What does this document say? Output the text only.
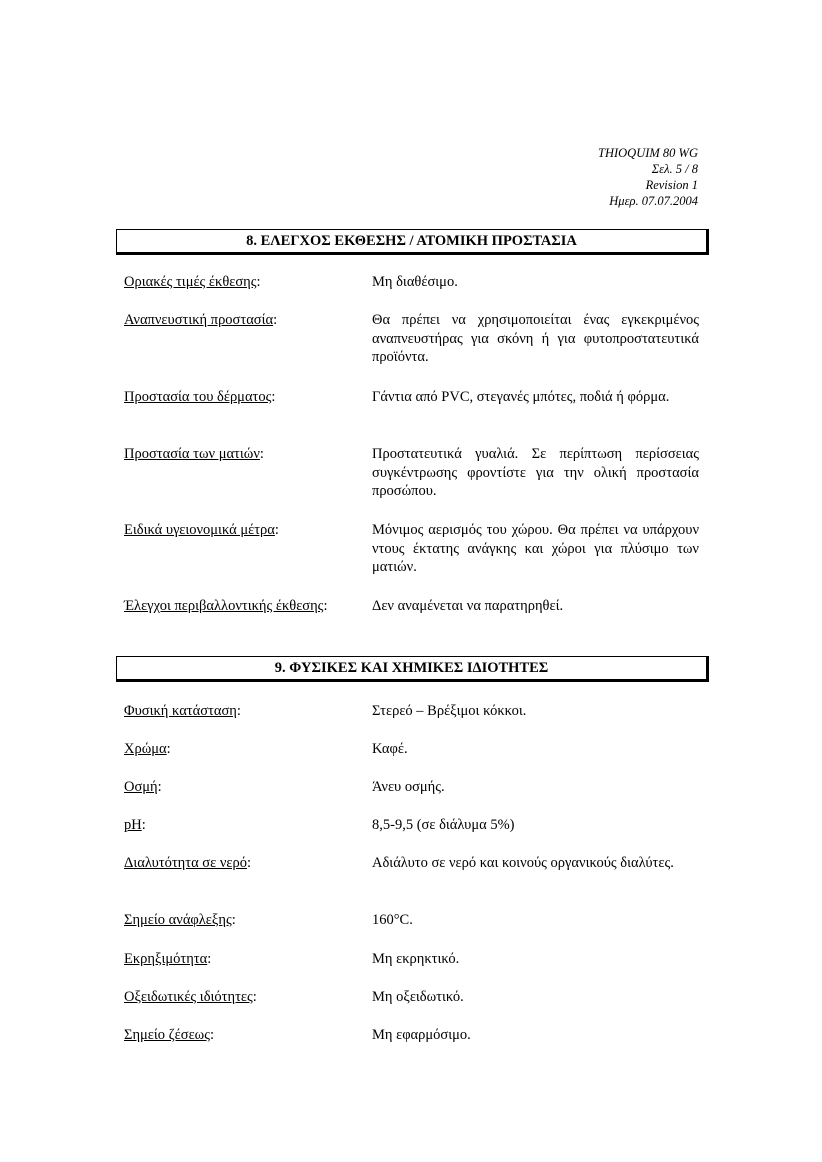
THIOQUIM 80 WG
Σελ. 5 / 8
Revision 1
Ημερ. 07.07.2004
8. ΕΛΕΓΧΟΣ ΕΚΘΕΣΗΣ / ΑΤΟΜΙΚΗ ΠΡΟΣΤΑΣΙΑ
Οριακές τιμές έκθεσης:	Μη διαθέσιμο.
Αναπνευστική προστασία:	Θα πρέπει να χρησιμοποιείται ένας εγκεκριμένος αναπνευστήρας για σκόνη ή για φυτοπροστατευτικά προϊόντα.
Προστασία του δέρματος:	Γάντια από PVC, στεγανές μπότες, ποδιά ή φόρμα.
Προστασία των ματιών:	Προστατευτικά γυαλιά. Σε περίπτωση περίσσειας συγκέντρωσης φροντίστε για την ολική προστασία προσώπου.
Ειδικά υγειονομικά μέτρα:	Μόνιμος αερισμός του χώρου. Θα πρέπει να υπάρχουν ντους έκτατης ανάγκης και χώροι για πλύσιμο των ματιών.
Έλεγχοι περιβαλλοντικής έκθεσης:	Δεν αναμένεται να παρατηρηθεί.
9. ΦΥΣΙΚΕΣ ΚΑΙ ΧΗΜΙΚΕΣ ΙΔΙΟΤΗΤΕΣ
Φυσική κατάσταση:	Στερεό – Βρέξιμοι κόκκοι.
Χρώμα:	Καφέ.
Οσμή:	Άνευ οσμής.
pH:	8,5-9,5 (σε διάλυμα 5%)
Διαλυτότητα σε νερό:	Αδιάλυτο σε νερό και κοινούς οργανικούς διαλύτες.
Σημείο ανάφλεξης:	160°C.
Εκρηξιμότητα:	Μη εκρηκτικό.
Οξειδωτικές ιδιότητες:	Μη οξειδωτικό.
Σημείο ζέσεως:	Μη εφαρμόσιμο.
